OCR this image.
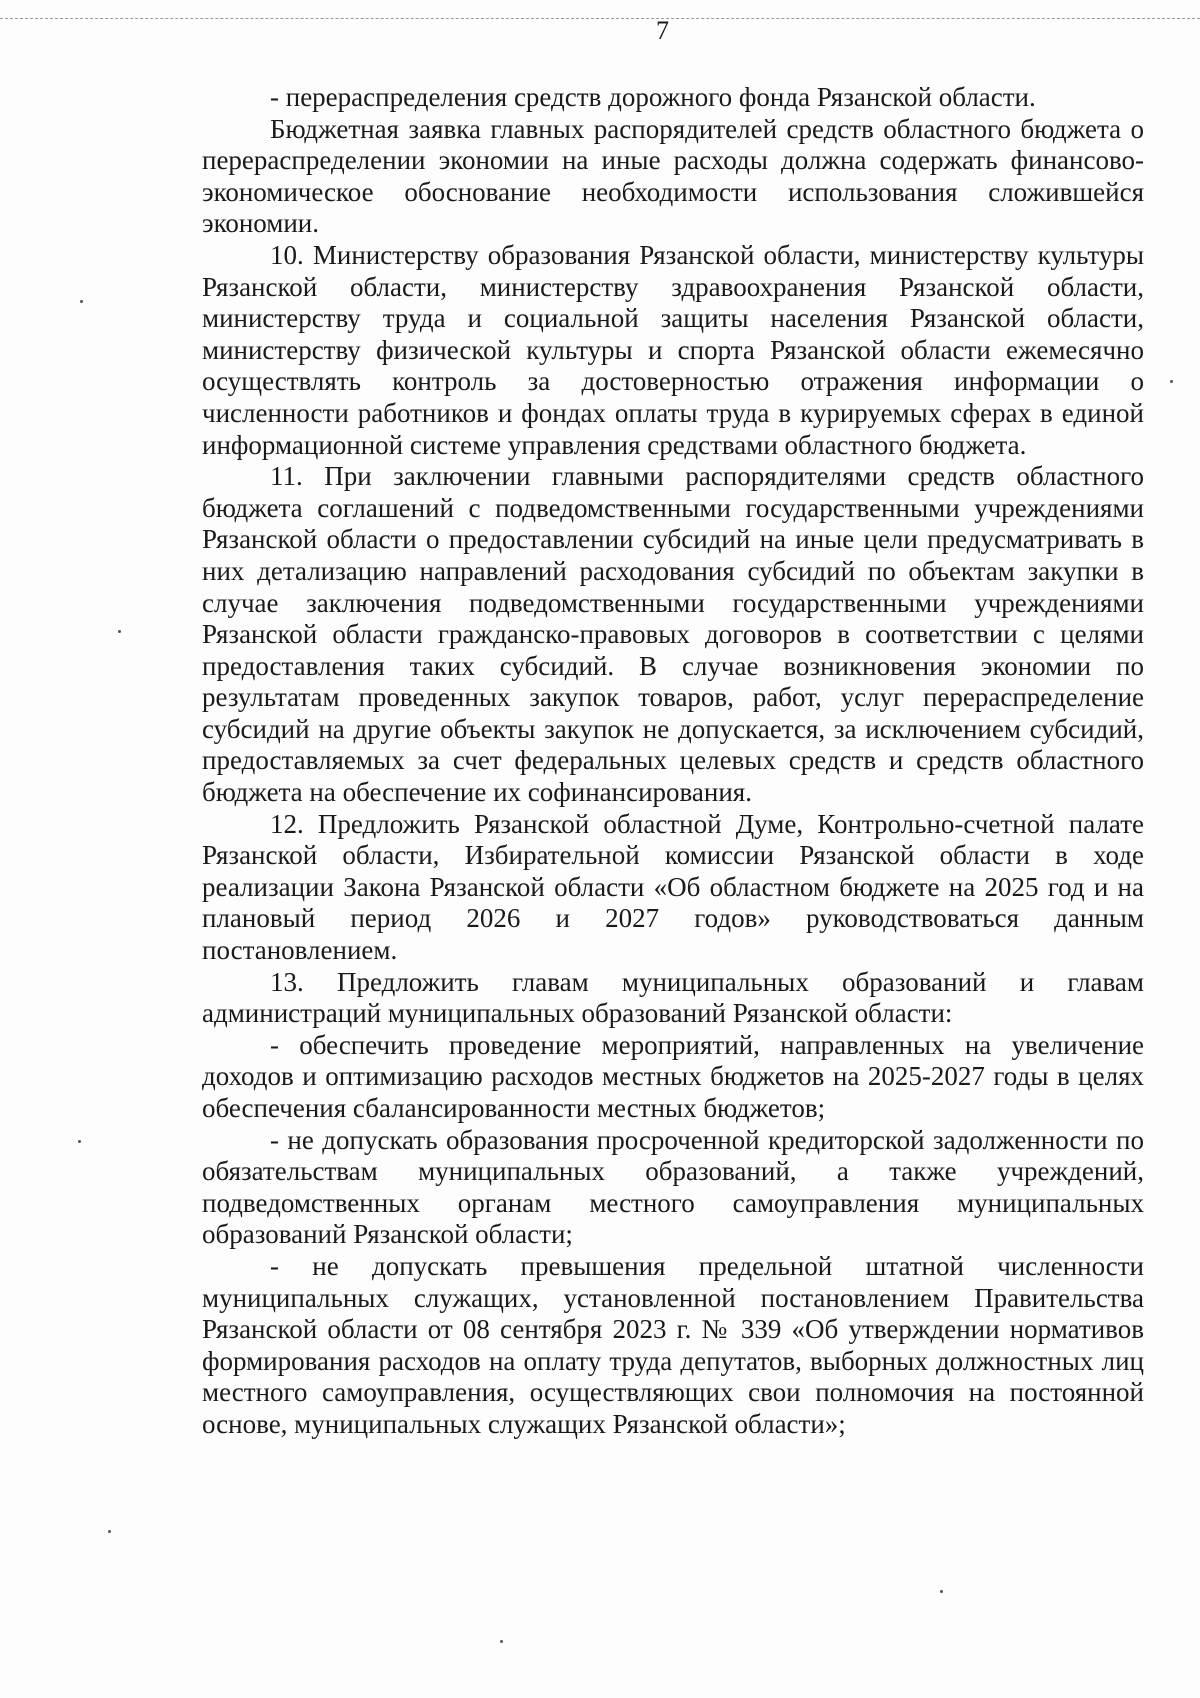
7

- перераспределения средств дорожного фонда Рязанской области.

Бюджетная заявка главных распорядителей средств областного бюджета о перераспределении экономии на иные расходы должна содержать финансово-экономическое обоснование необходимости использования сложившейся экономии.

10. Министерству образования Рязанской области, министерству культуры Рязанской области, министерству здравоохранения Рязанской области, министерству труда и социальной защиты населения Рязанской области, министерству физической культуры и спорта Рязанской области ежемесячно осуществлять контроль за достоверностью отражения информации о численности работников и фондах оплаты труда в курируемых сферах в единой информационной системе управления средствами областного бюджета.

11. При заключении главными распорядителями средств областного бюджета соглашений с подведомственными государственными учреждениями Рязанской области о предоставлении субсидий на иные цели предусматривать в них детализацию направлений расходования субсидий по объектам закупки в случае заключения подведомственными государственными учреждениями Рязанской области гражданско-правовых договоров в соответствии с целями предоставления таких субсидий. В случае возникновения экономии по результатам проведенных закупок товаров, работ, услуг перераспределение субсидий на другие объекты закупок не допускается, за исключением субсидий, предоставляемых за счет федеральных целевых средств и средств областного бюджета на обеспечение их софинансирования.

12. Предложить Рязанской областной Думе, Контрольно-счетной палате Рязанской области, Избирательной комиссии Рязанской области в ходе реализации Закона Рязанской области «Об областном бюджете на 2025 год и на плановый период 2026 и 2027 годов» руководствоваться данным постановлением.

13. Предложить главам муниципальных образований и главам администраций муниципальных образований Рязанской области:

- обеспечить проведение мероприятий, направленных на увеличение доходов и оптимизацию расходов местных бюджетов на 2025-2027 годы в целях обеспечения сбалансированности местных бюджетов;

- не допускать образования просроченной кредиторской задолженности по обязательствам муниципальных образований, а также учреждений, подведомственных органам местного самоуправления муниципальных образований Рязанской области;

- не допускать превышения предельной штатной численности муниципальных служащих, установленной постановлением Правительства Рязанской области от 08 сентября 2023 г. № 339 «Об утверждении нормативов формирования расходов на оплату труда депутатов, выборных должностных лиц местного самоуправления, осуществляющих свои полномочия на постоянной основе, муниципальных служащих Рязанской области»;
